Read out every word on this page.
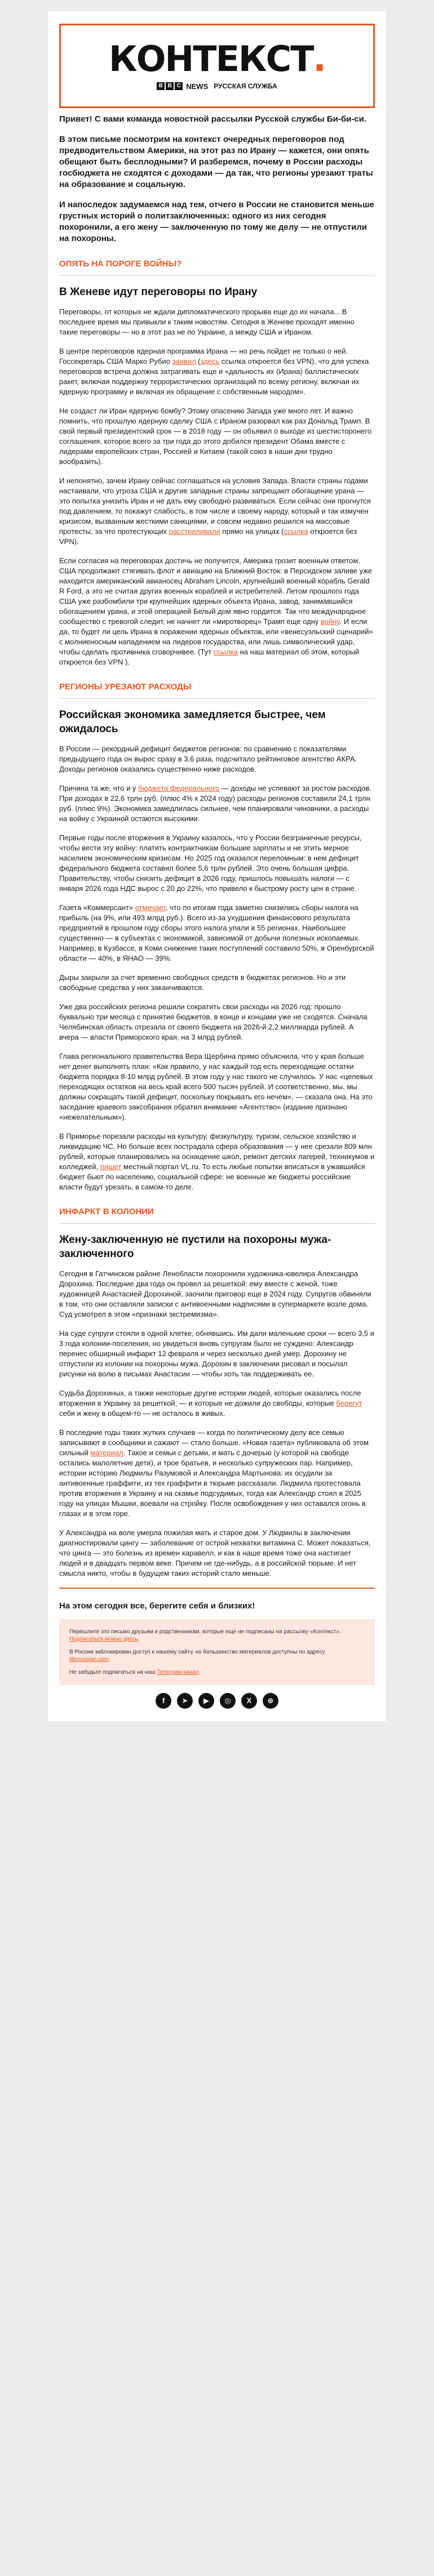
КОНТЕКСТ.
B B C NEWS РУССКАЯ СЛУЖБА

Привет! С вами команда новостной рассылки Русской службы Би-би-си.

В этом письме посмотрим на контекст очередных переговоров под предводительством Америки, на этот раз по Ирану — кажется, они опять обещают быть бесплодными? И разберемся, почему в России расходы госбюджета не сходятся с доходами — да так, что регионы урезают траты на образование и соцальную.

И напоследок задумаемся над тем, отчего в России не становится меньше грустных историй о политзаключенных: одного из них сегодня похоронили, а его жену — заключенную по тому же делу — не отпустили на похороны.

ОПЯТЬ НА ПОРОГЕ ВОЙНЫ?
В Женеве идут переговоры по Ирану

Переговоры, от которых не ждали дипломатического прорыва еще до их начала... В последнее время мы привыкли к таким новостям. Сегодня в Женеве проходят именно такие переговоры — но в этот раз не по Украине, а между США и Ираном.

В центре переговоров ядерная программа Ирана — но речь пойдет не только о ней. Госсекретарь США Марко Рубио заявил (здесь ссылка откроется без VPN), что для успеха переговоров встреча должна затрагивать еще и «дальность их (Ирана) баллистических ракет, включая поддержку террористических организаций по всему региону, включая их ядерную программу и включая их обращение с собственным народом».

Не создаст ли Иран ядерную бомбу? Этому опасению Запада уже много лет. И важно помнить, что прошлую ядерную сделку США с Ираном разорвал как раз Дональд Трамп. В свой первый президентский срок — в 2018 году — он объявил о выходе из шестисторонего соглашения, которое всего за три года до этого добился президент Обама вместе с лидерами европейских стран, Россией и Китаем (такой союз в наши дни трудно вообразить).

И непонятно, зачем Ирану сейчас соглашаться на условия Запада. Власти страны годами настаивали, что угроза США и другие западные страны запрещают обогащение урана — это попытка унизить Иран и не дать ему свободно развиваться. Если сейчас они прогнутся под давлением, то покажут слабость, в том числе и своему народу, который и так измучен кризисом, вызванным жесткими санкциями, и совсем недавно решился на массовые протесты, за что протестующих расстреливали прямо на улицах (ссылка откроется без VPN).

Если согласия на переговорах достичь не получится, Америка грозит военным ответом. США продолжают стягивать флот и авиацию на Ближний Восток: в Персидском заливе уже находится американский авианосец Abraham Lincoln, крупнейший военный корабль Gerald R Ford, а это не считая других военных кораблей и истребителей. Летом прошлого года США уже разбомбили три крупнейших ядерных объекта Ирана, завод, занимавшийся обогащением урана, и этой операцией Белый дом явно гордится. Так что международное сообщество с тревогой следит, не начнет ли «миротворец» Трамп еще одну войну. И если да, то будет ли цель Ирана в поражении ядерных объектов, или «венесуэльский сценарий» с молниеносным нападением на лидеров государства, или лишь символический удар, чтобы сделать противника сговорчивее. (Тут ссылка на наш материал об этом, который откроется без VPN ).

РЕГИОНЫ УРЕЗАЮТ РАСХОДЫ
Российская экономика замедляется быстрее, чем ожидалось

В России — рекордный дефицит бюджетов регионов: по сравнению с показателями предыдущего года он вырос сразу в 3,6 раза, подсчитало рейтинговое агентство АКРА. Доходы регионов оказались существенно ниже расходов.

Причина та же, что и у бюджета федерального — доходы не успевают за ростом расходов. При доходах в 22,6 трлн руб. (плюс 4% к 2024 году) расходы регионов составили 24,1 трлн руб. (плюс 9%). Экономика замедлилась сильнее, чем планировали чиновники, а расходы на войну с Украиной остаются высокими.

Первые годы после вторжения в Украину казалось, что у России безграничные ресурсы, чтобы вести эту войну: платить контрактникам большие зарплаты и не этить мерное насилием экономическим кризисам. Но 2025 год оказался переломным: в нем дефицит федерального бюджета составил более 5,6 трлн рублей. Это очень большая цифра. Правительству, чтобы снизить дефицит в 2026 году, пришлось повышать налоги — с января 2026 года НДС вырос с 20 до 22%, что привело к быстрому росту цен в стране.

Газета «Коммерсант» отмечает, что по итогам года заметно снизились сборы налога на прибыль (на 9%, или 493 млрд руб.). Всего из-за ухудшения финансового результата предприятий в прошлом году сборы этого налога упали в 55 регионах. Наибольшее существенно — в субъектах с экономикой, зависимой от добычи полезных ископаемых. Например, в Кузбассе, в Коми снижение таких поступлений составило 50%, в Оренбургской области — 40%, в ЯНАО — 39%.

Дыры закрыли за счет временно свободных средств в бюджетах регионов. Но и эти свободные средства у них заканчиваются.

Уже два российских региона решили сократить свои расходы на 2026 год: прошло буквально три месяца с принятия бюджетов, в конце и концами уже не сходятся. Сначала Челябинская область отрезала от своего бюджета на 2026-й 2,2 миллиарда рублей. А вчера — власти Приморского края, на 3 млрд рублей.

Глава регионального правительства Вера Щербина прямо объяснила, что у края больше нет денег выполнять план: «Как правило, у нас каждый год есть переходящие остатки бюджета порядка 8-10 млрд рублей. В этом году у нас такого не случилось. У нас «целевых переходящих остатков на весь край всего 500 тысяч рублей. И соответственно, мы, мы должны сокращать такой дефицит, поскольку покрывать его нечем», — сказала она. На это заседание краевого заксобрания обратил внимание «Агентство» (издание признано «нежелательным»).

В Приморье порезали расходы на культуру, физкультуру, туризм, сельское хозяйство и ликвидацию ЧС. Но больше всех пострадала сфера образования — у нее срезали 809 млн рублей, которые планировались на оснащение школ, ремонт детских лагерей, техникумов и колледжей, пишет местный портал VL.ru. То есть любые попытки вписаться в ужавшийся бюджет бьют по населению, социальной сфере: не военные же бюджеты российские власти будут урезать, в самом-то деле.

ИНФАРКТ В КОЛОНИИ
Жену-заключенную не пустили на похороны мужа-заключенного

Сегодня в Гатчинском районе Ленобласти похоронили художника-ювелира Александра Дорохина. Последние два года он провел за решеткой: ему вместе с женой, тоже художницей Анастасией Дорохиной, заочили приговор еще в 2024 году. Супругов обвиняли в том, что они оставляли записки с антивоенными надписями в супермаркете возле дома. Суд усмотрел в этом «признаки экстремизма».

На суде супруги стояли в одной клетке, обнявшись. Им дали маленькие сроки — всего 3,5 и 3 года колонии-поселения, но увидеться вновь супругам было не суждено: Александр перенес обширный инфаркт 12 февраля и через несколько дней умер. Дорохину не отпустили из колонии на похороны мужа. Дорохин в заключении рисовал и посылал рисунки на волю в письмах Анастасии — чтобы хоть так поддерживать ее.

Судьба Дорохиных, а также некоторые другие истории людей, которые оказались после вторжения в Украину за решеткой, — и которые не дожили до свободы, которые берегут себя и жену в общем-то — не осталось в живых.

В последние годы таких жутких случаев — когда по политическому делу все семью записывают в сообщники и сажают — стало больше. «Новая газета» публиковала об этом сильный материал. Такое и семьи с детьми, и мать с дочерью (у которой на свободе остались малолетние дети), и трое братьев, и несколько супружеских пар. Например, истории историю Людмилы Разумовой и Александра Мартынова: их осудили за антивоенные граффити, из тех граффити в тюрьме рассказали. Людмила протестовала против вторжения в Украину и на скамье подсудимых, тогда как Александр стоял в 2025 году на улицах Мышки, воевали на стройку. После освобождения у них оставался огонь в глазах и в этом горе.

У Александра на воле умерла пожилая мать и старое дом. У Людмилы в заключении диагностировали цингу — заболевание от острой нехватки витамина С. Может показаться, что цинга — это болезнь из времен каравелл, и как в наше время тоже она настигает людей и в двадцать первом веке. Причем не где-нибудь, а в российской тюрьме. И нет смысла никто, чтобы в будущем таких историй стало меньше.

На этом сегодня все, берегите себя и близких!

Перешлите это письмо друзьям и родственникам, которые еще не подписаны на рассылку «Контекст». Подписаться можно здесь.

В России заблокирован доступ к нашему сайту, но большинство материалов доступны по адресу bbcrussian.com.

Не забудьте подписаться на наш Телеграм-канал.

f	➤	▶	◎	X	⊕
